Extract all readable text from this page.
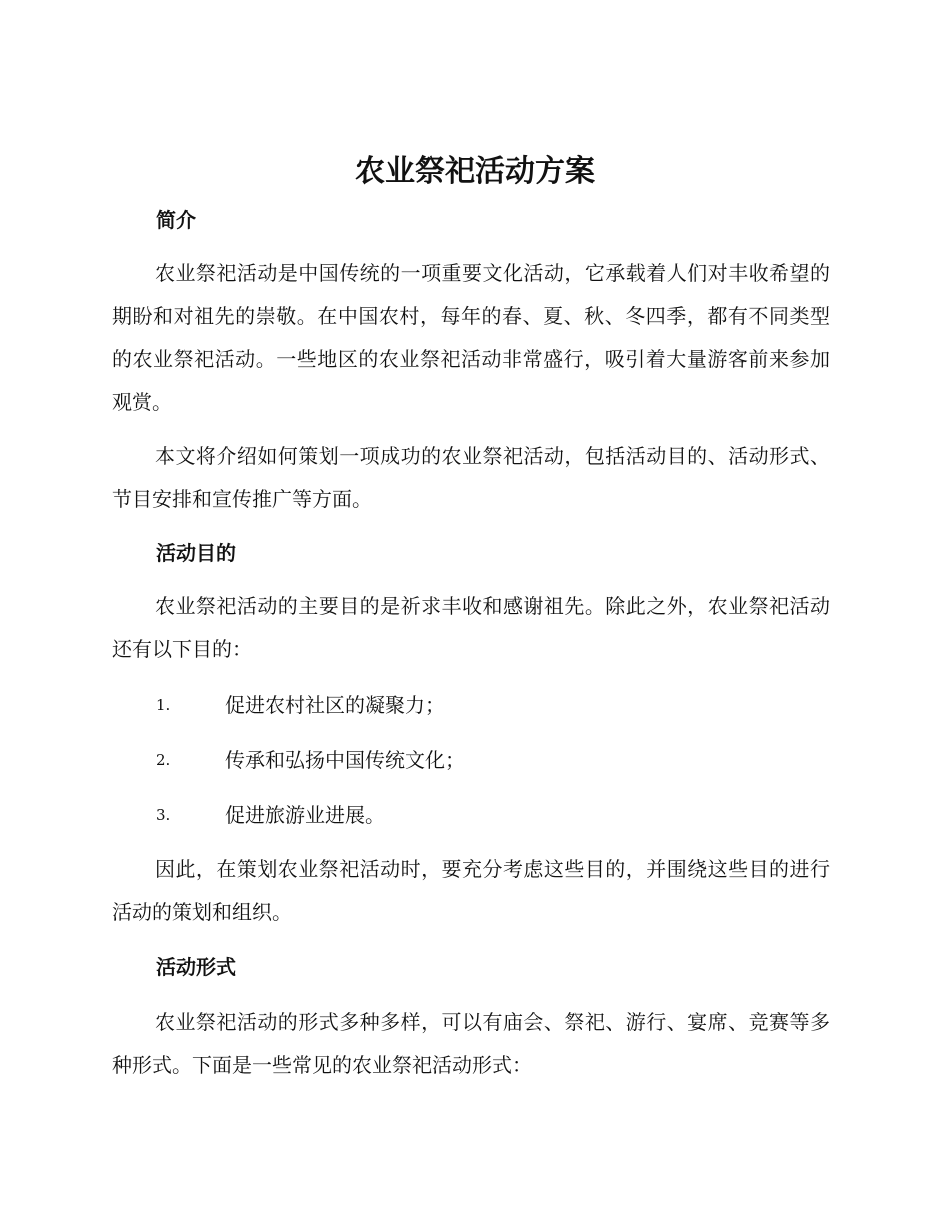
农业祭祀活动方案
简介

农业祭祀活动是中国传统的一项重要文化活动，它承载着人们对丰收希望的期盼和对祖先的崇敬。在中国农村，每年的春、夏、秋、冬四季，都有不同类型的农业祭祀活动。一些地区的农业祭祀活动非常盛行，吸引着大量游客前来参加观赏。

本文将介绍如何策划一项成功的农业祭祀活动，包括活动目的、活动形式、节目安排和宣传推广等方面。

活动目的

农业祭祀活动的主要目的是祈求丰收和感谢祖先。除此之外，农业祭祀活动还有以下目的：

1.	促进农村社区的凝聚力；
2.	传承和弘扬中国传统文化；
3.	促进旅游业进展。

因此，在策划农业祭祀活动时，要充分考虑这些目的，并围绕这些目的进行活动的策划和组织。

活动形式

农业祭祀活动的形式多种多样，可以有庙会、祭祀、游行、宴席、竞赛等多种形式。下面是一些常见的农业祭祀活动形式：
